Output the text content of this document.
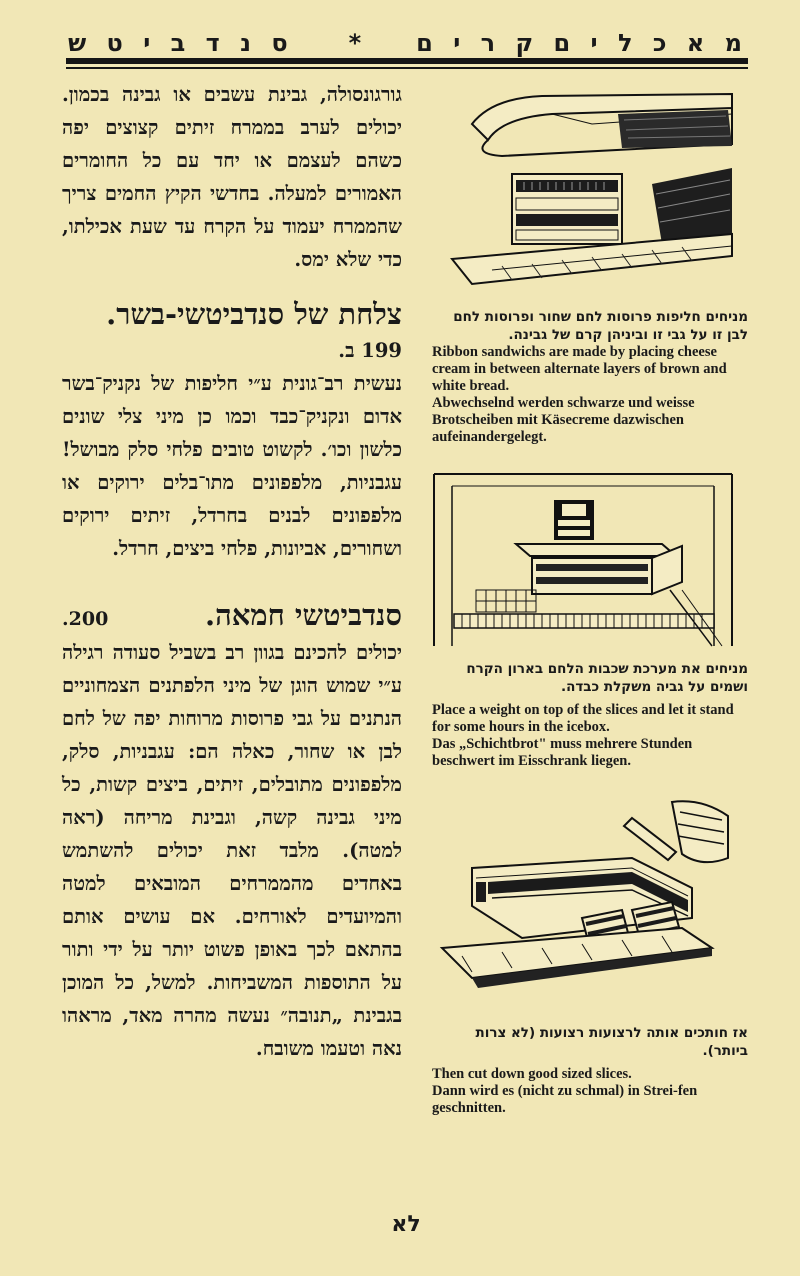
מ א כ ל י ם ק ר י ם
*
ס נ ד ב י ט ש

גורגונסולה, גבינת עשבים או גבינה בכמון. יכולים לערב בממרח זיתים קצוצים יפה כשהם לעצמם או יחד עם כל החומרים האמורים למעלה. בחדשי הקיץ החמים צריך שהממרח יעמוד על הקרח עד שעת אכילתו, כדי שלא ימס.

צלחת של סנדביטשי-בשר.

199 ב.

נעשית רב־גונית ע״י חליפות של נקניק־בשר אדום ונקניק־כבד וכמו כן מיני צלי שונים כלשון וכו׳. לקשוט טובים פלחי סלק מבושל! עגבניות, מלפפונים מתו־בלים ירוקים או מלפפונים לבנים בחרדל, זיתים ירוקים ושחורים, אביונות, פלחי ביצים, חרדל.

סנדביטשי חמאה.

200.

יכולים להכינם בגוון רב בשביל סעודה רגילה ע״י שמוש הוגן של מיני הלפתנים הצמחוניים הנתנים על גבי פרוסות מרוחות יפה של לחם לבן או שחור, כאלה הם: עגבניות, סלק, מלפפונים מתובלים, זיתים, ביצים קשות, כל מיני גבינה קשה, וגבינת מריחה (ראה למטה). מלבד זאת יכולים להשתמש באחדים מהממרחים המובאים למטה והמיועדים לאורחים. אם עושים אותם בהתאם לכך באופן פשוט יותר על ידי ותור על התוספות המשביחות. למשל, כל המוכן בגבינת „תנובה״ נעשה מהרה מאד, מראהו נאה וטעמו משובח.

מניחים חליפות פרוסות לחם שחור ופרוסות לחם לבן זו על גבי זו וביניהן קרם של גבינה.
Ribbon sandwichs are made by placing cheese cream in between alternate layers of brown and white bread.
Abwechselnd werden schwarze und weisse Brotscheiben mit Käsecreme dazwischen aufeinandergelegt.
מניחים את מערכת שכבות הלחם בארון הקרח ושמים על גביה משקלת כבדה.
Place a weight on top of the slices and let it stand for some hours in the icebox.
Das „Schichtbrot" muss mehrere Stunden beschwert im Eisschrank liegen.
אז חותכים אותה לרצועות רצועות (לא צרות ביותר).
Then cut down good sized slices.
Dann wird es (nicht zu schmal) in Strei-fen geschnitten.
לא
